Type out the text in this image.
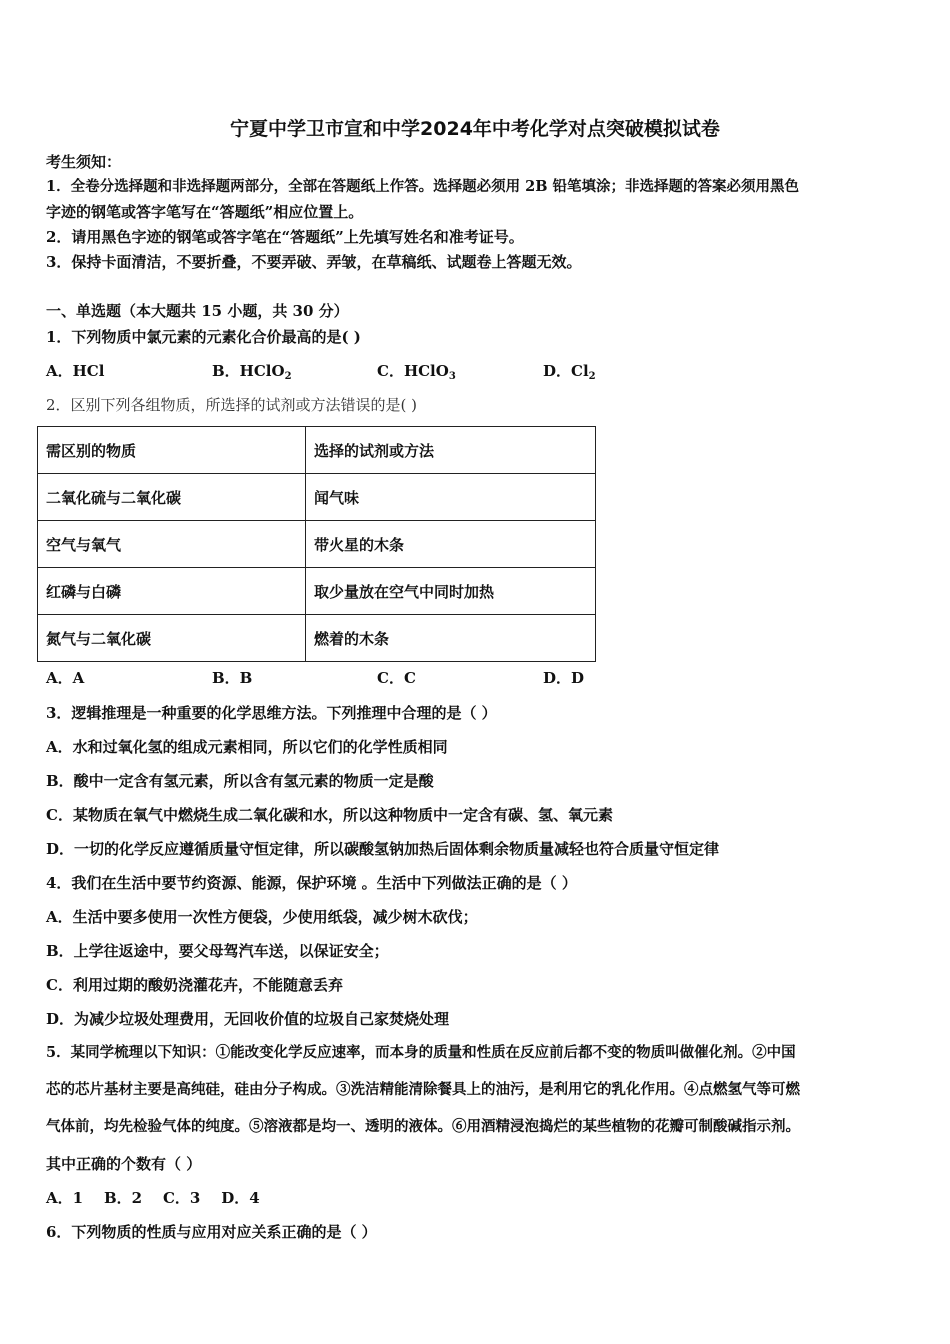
宁夏中学卫市宣和中学2024年中考化学对点突破模拟试卷
考生须知：
1．全卷分选择题和非选择题两部分，全部在答题纸上作答。选择题必须用 2B 铅笔填涂；非选择题的答案必须用黑色
字迹的钢笔或答字笔写在“答题纸”相应位置上。
2．请用黑色字迹的钢笔或答字笔在“答题纸”上先填写姓名和准考证号。
3．保持卡面清洁，不要折叠，不要弄破、弄皱，在草稿纸、试题卷上答题无效。
一、单选题（本大题共 15 小题，共 30 分）
1．下列物质中氯元素的元素化合价最高的是( )
A．HCl	B．HClO$_2$	C．HClO$_3$	D．$Cl_2$
2．区别下列各组物质，所选择的试剂或方法错误的是( )
需区别的物质	选择的试剂或方法
二氧化硫与二氧化碳	闻气味
空气与氧气	带火星的木条
红磷与白磷	取少量放在空气中同时加热
氮气与二氧化碳	燃着的木条
A．A	B．B	C．C	D．D
3．逻辑推理是一种重要的化学思维方法。下列推理中合理的是（ ）
A．水和过氧化氢的组成元素相同，所以它们的化学性质相同
B．酸中一定含有氢元素，所以含有氢元素的物质一定是酸
C．某物质在氧气中燃烧生成二氧化碳和水，所以这种物质中一定含有碳、氢、氧元素
D．一切的化学反应遵循质量守恒定律，所以碳酸氢钠加热后固体剩余物质量减轻也符合质量守恒定律
4．我们在生活中要节约资源、能源，保护环境 。生活中下列做法正确的是（ ）
A．生活中要多使用一次性方便袋，少使用纸袋，减少树木砍伐；
B．上学往返途中，要父母驾汽车送，以保证安全；
C．利用过期的酸奶浇灌花卉，不能随意丢弃
D．为减少垃圾处理费用，无回收价值的垃圾自己家焚烧处理
5．某同学梳理以下知识：①能改变化学反应速率，而本身的质量和性质在反应前后都不变的物质叫做催化剂。②中国
芯的芯片基材主要是高纯硅，硅由分子构成。③洗洁精能清除餐具上的油污，是利用它的乳化作用。④点燃氢气等可燃
气体前，均先检验气体的纯度。⑤溶液都是均一、透明的液体。⑥用酒精浸泡捣烂的某些植物的花瓣可制酸碱指示剂。
其中正确的个数有（ ）
A．1    B．2    C．3    D．4
6．下列物质的性质与应用对应关系正确的是（ ）
